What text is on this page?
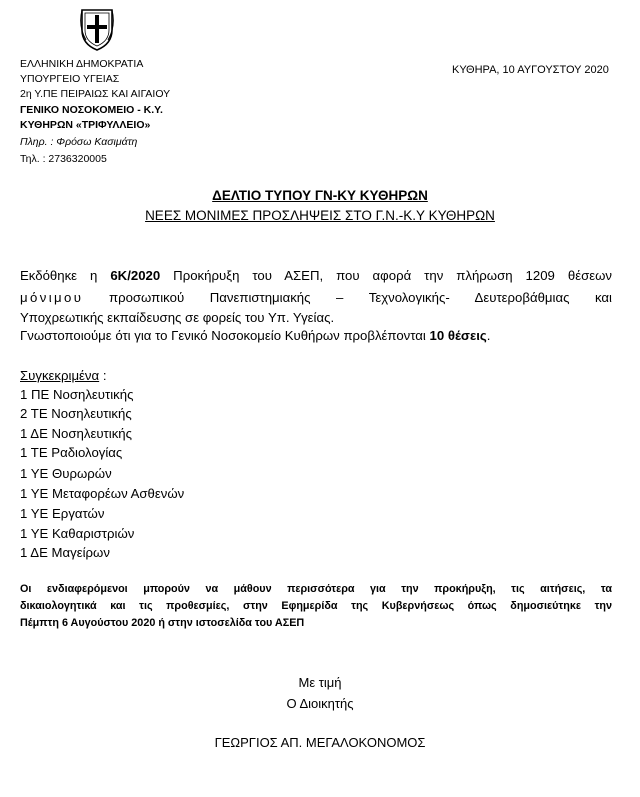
ΕΛΛΗΝΙΚΗ ΔΗΜΟΚΡΑΤΙΑ
ΥΠΟΥΡΓΕΙΟ ΥΓΕΙΑΣ
2η Υ.ΠΕ ΠΕΙΡΑΙΩΣ ΚΑΙ ΑΙΓΑΙΟΥ
ΓΕΝΙΚΟ ΝΟΣΟΚΟΜΕΙΟ - Κ.Υ.
ΚΥΘΗΡΩΝ «ΤΡΙΦΥΛΛΕΙΟ»
Πληρ. : Φρόσω Κασιμάτη
Τηλ. : 2736320005
ΚΥΘΗΡΑ, 10 ΑΥΓΟΥΣΤΟΥ 2020
ΔΕΛΤΙΟ ΤΥΠΟΥ ΓΝ-ΚΥ ΚΥΘΗΡΩΝ
ΝΕΕΣ ΜΟΝΙΜΕΣ ΠΡΟΣΛΗΨΕΙΣ ΣΤΟ Γ.Ν.-Κ.Υ ΚΥΘΗΡΩΝ
Εκδόθηκε η 6Κ/2020 Προκήρυξη του ΑΣΕΠ, που αφορά την πλήρωση 1209 θέσεων
μόνιμου προσωπικού Πανεπιστημιακής – Τεχνολογικής- Δευτεροβάθμιας και
Υποχρεωτικής εκπαίδευσης σε φορείς του Υπ. Υγείας.
Γνωστοποιούμε ότι για το Γενικό Νοσοκομείο Κυθήρων προβλέπονται 10 θέσεις.
Συγκεκριμένα :
1 ΠΕ Νοσηλευτικής
2 ΤΕ Νοσηλευτικής
1 ΔΕ Νοσηλευτικής
1 ΤΕ Ραδιολογίας
1 ΥΕ Θυρωρών
1 ΥΕ Μεταφορέων Ασθενών
1 ΥΕ Εργατών
1 ΥΕ Καθαριστριών
1 ΔΕ Μαγείρων
Οι ενδιαφερόμενοι μπορούν να μάθουν περισσότερα για την προκήρυξη, τις αιτήσεις, τα
δικαιολογητικά και τις προθεσμίες, στην Εφημερίδα της Κυβερνήσεως όπως δημοσιεύτηκε την
Πέμπτη 6 Αυγούστου 2020 ή στην ιστοσελίδα του ΑΣΕΠ
Με τιμή
Ο Διοικητής
ΓΕΩΡΓΙΟΣ ΑΠ. ΜΕΓΑΛΟΚΟΝΟΜΟΣ
